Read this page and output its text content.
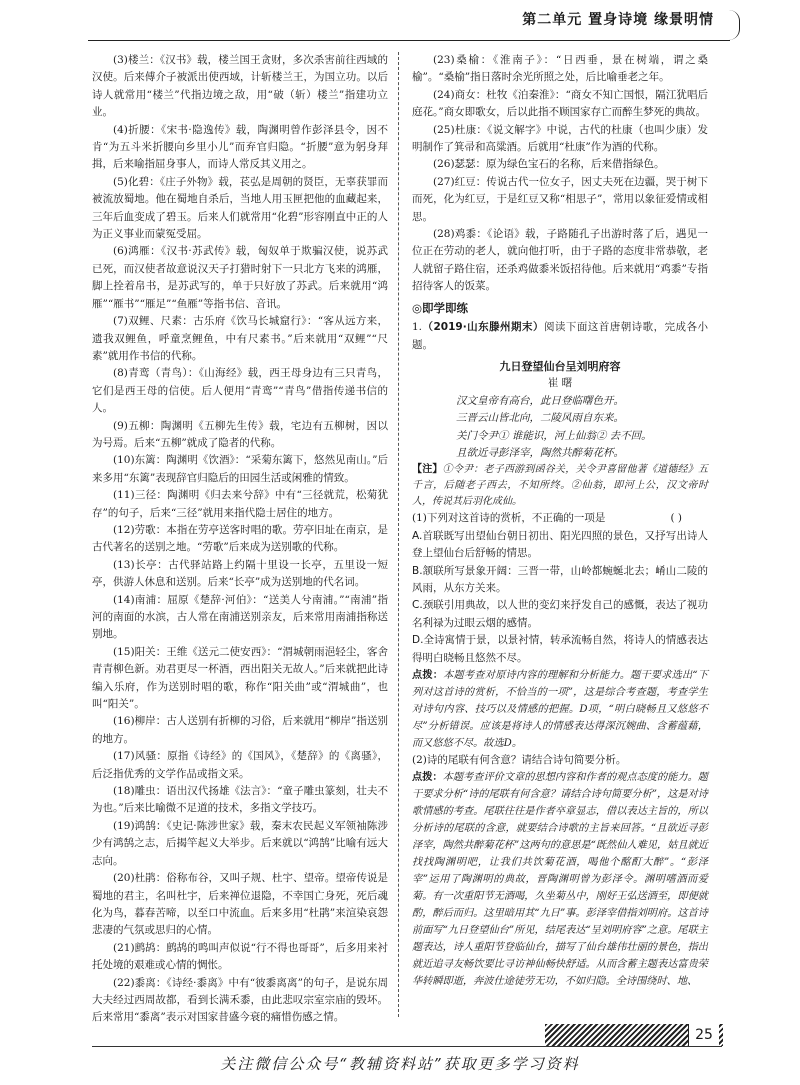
第二单元 置身诗境 缘景明情

(3)楼兰：《汉书》载，楼兰国王贪财，多次杀害前往西域的汉使。后来傅介子被派出使西域，计斩楼兰王，为国立功。以后诗人就常用“楼兰”代指边境之敌，用“破（斩）楼兰”指建功立业。

(4)折腰：《宋书·隐逸传》载，陶渊明曾作彭泽县令，因不肯“为五斗米折腰向乡里小儿”而弃官归隐。“折腰”意为躬身拜揖，后来喻指屈身事人，而诗人常反其义用之。

(5)化碧：《庄子外物》载，苌弘是周朝的贤臣，无辜获罪而被流放蜀地。他在蜀地自杀后，当地人用玉匣把他的血藏起来，三年后血变成了碧玉。后来人们就常用“化碧”形容刚直中正的人为正义事业而蒙冤受屈。

(6)鸿雁：《汉书·苏武传》载，匈奴单于欺骗汉使，说苏武已死，而汉使者故意说汉天子打猎时射下一只北方飞来的鸿雁，脚上拴着帛书，是苏武写的，单于只好放了苏武。后来就用“鸿雁”“雁书”“雁足”“鱼雁”等指书信、音讯。

(7)双鲤、尺素：古乐府《饮马长城窟行》：“客从远方来，遗我双鲤鱼，呼童烹鲤鱼，中有尺素书。”后来就用“双鲤”“尺素”就用作书信的代称。

(8)青鸾（青鸟）：《山海经》载，西王母身边有三只青鸟，它们是西王母的信使。后人便用“青鸾”“青鸟”借指传递书信的人。

(9)五柳：陶渊明《五柳先生传》载，宅边有五柳树，因以为号焉。后来“五柳”就成了隐者的代称。

(10)东篱：陶渊明《饮酒》：“采菊东篱下，悠然见南山。”后来多用“东篱”表现辞官归隐后的田园生活或闲雅的情致。

(11)三径：陶渊明《归去来兮辞》中有“三径就荒，松菊犹存”的句子，后来“三径”就用来指代隐士居住的地方。

(12)劳歌：本指在劳亭送客时唱的歌。劳亭旧址在南京，是古代著名的送别之地。“劳歌”后来成为送别歌的代称。

(13)长亭：古代驿站路上约隔十里设一长亭，五里设一短亭，供游人休息和送别。后来“长亭”成为送别地的代名词。

(14)南浦：屈原《楚辞·河伯》：“送美人兮南浦。”“南浦”指河的南面的水滨，古人常在南浦送别亲友，后来常用南浦指称送别地。

(15)阳关：王维《送元二使安西》：“渭城朝雨浥轻尘，客舍青青柳色新。劝君更尽一杯酒，西出阳关无故人。”后来就把此诗编入乐府，作为送别时唱的歌，称作“阳关曲”或“渭城曲”，也叫“阳关”。

(16)柳岸：古人送别有折柳的习俗，后来就用“柳岸”指送别的地方。

(17)风骚：原指《诗经》的《国风》，《楚辞》的《离骚》，后泛指优秀的文学作品或指文采。

(18)雕虫：语出汉代扬雄《法言》：“童子雕虫篆刻，壮夫不为也。”后来比喻微不足道的技术，多指文学技巧。

(19)鸿鹄：《史记·陈涉世家》载，秦末农民起义军领袖陈涉少有鸿鹄之志，后揭竿起义大举步。后来就以“鸿鹄”比喻有远大志向。

(20)杜鹃：俗称布谷，又叫子规、杜宇、望帝。望帝传说是蜀地的君主，名叫杜宇，后来禅位退隐，不幸国亡身死，死后魂化为鸟，暮春苦啼，以至口中流血。后来多用“杜鹃”来渲染哀怨悲凄的气氛或思归的心情。

(21)鹧鸪：鹧鸪的鸣叫声似说“行不得也哥哥”，后多用来衬托处境的艰难或心情的惆怅。

(22)黍离：《诗经·黍离》中有“彼黍离离”的句子，是说东周大夫经过西周故都，看到长满禾黍，由此悲叹宗室宗庙的毁坏。后来常用“黍离”表示对国家昔盛今衰的痛惜伤感之情。

(23)桑榆：《淮南子》：“日西垂，景在树端，谓之桑榆”。“桑榆”指日落时余光所照之处，后比喻垂老之年。

(24)商女：杜牧《泊秦淮》：“商女不知亡国恨，隔江犹唱后庭花。”商女即歌女，后以此指不顾国家存亡而醉生梦死的典故。

(25)杜康：《说文解字》中说，古代的杜康（也叫少康）发明制作了箕帚和高粱酒。后就用“杜康”作为酒的代称。

(26)瑟瑟：原为绿色宝石的名称，后来借指绿色。

(27)红豆：传说古代一位女子，因丈夫死在边疆，哭于树下而死，化为红豆，于是红豆又称“相思子”，常用以象征爱情或相思。

(28)鸡黍：《论语》载，子路随孔子出游时落了后，遇见一位正在劳动的老人，就向他打听，由于子路的态度非常恭敬，老人就留子路住宿，还杀鸡做黍米饭招待他。后来就用“鸡黍”专指招待客人的饭菜。

◎即学即练

1.（2019·山东滕州期末）阅读下面这首唐朝诗歌，完成各小题。

九日登望仙台呈刘明府容
崔 曙
汉文皇帝有高台，此日登临曙色开。
三晋云山皆北向，二陵风雨自东来。
关门令尹① 谁能识，河上仙翁② 去不回。
且欲近寻彭泽宰，陶然共醉菊花杯。

【注】①令尹：老子西游到函谷关，关令尹喜留他著《道德经》五千言，后随老子西去，不知所终。②仙翁，即河上公，汉文帝时人，传说其后羽化成仙。

(1)下列对这首诗的赏析，不正确的一项是	( )

A.首联既写出望仙台朝日初出、阳光四照的景色，又抒写出诗人登上望仙台后舒畅的情思。

B.颔联所写景象开阔：三晋一带，山岭都蜿蜒北去；崤山二陵的风雨，从东方关来。

C.颈联引用典故，以人世的变幻来抒发自己的感慨，表达了视功名利禄为过眼云烟的感情。

D.全诗寓情于景，以景衬情，转承流畅自然，将诗人的情感表达得明白晓畅且悠然不尽。

点拨：本题考查对原诗内容的理解和分析能力。题干要求选出“下列对这首诗的赏析，不恰当的一项”，这是综合考查题，考查学生对诗句内容、技巧以及情感的把握。D项，“明白晓畅且又悠悠不尽”分析错误。应该是将诗人的情感表达得深沉婉曲、含蓄蕴藉，而又悠悠不尽。故选D。

(2)诗的尾联有何含意？请结合诗句简要分析。

点拨：本题考查评价文章的思想内容和作者的观点态度的能力。题干要求分析“诗的尾联有何含意？请结合诗句简要分析”，这是对诗歌情感的考查。尾联往往是作者卒章显志，借以表达主旨的，所以分析诗的尾联的含意，就要结合诗歌的主旨来回答。“且欲近寻彭泽宰，陶然共醉菊花杯”这两句的意思是“既然仙人难见，姑且就近找找陶渊明吧，让我们共饮菊花酒，喝他个酩酊大醉”。“彭泽宰”运用了陶渊明的典故，晋陶渊明曾为彭泽令。渊明嗜酒而爱菊。有一次重阳节无酒喝，久坐菊丛中，刚好王弘送酒至，即便就酌，醉后而归。这里暗用其“九日”事。彭泽宰借指刘明府。这首诗前面写“九日登望仙台”所见，结尾表达“呈刘明府容”之意。尾联主题表达，诗人重阳节登临仙台，描写了仙台雄伟壮丽的景色，指出就近追寻友畅饮要比寻访神仙畅快舒适。从而含蓄主题表达富贵荣华转瞬即逝，奔波仕途徒劳无功，不如归隐。全诗围绕时、地、

25
关注微信公众号“教辅资料站”获取更多学习资料
